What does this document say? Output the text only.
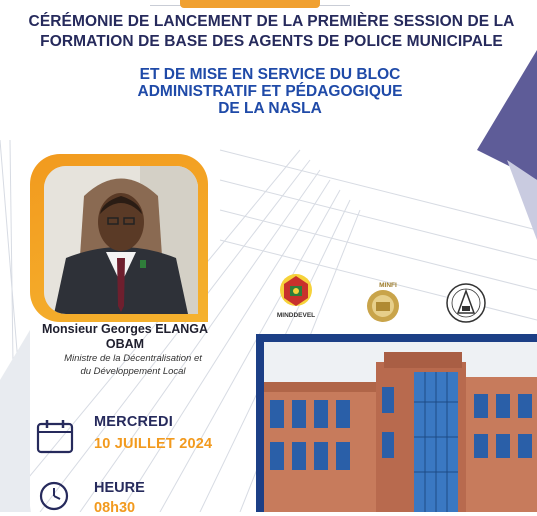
CÉRÉMONIE DE LANCEMENT DE LA PREMIÈRE SESSION DE LA
FORMATION DE BASE DES AGENTS DE POLICE MUNICIPALE
ET DE MISE EN SERVICE DU BLOC
ADMINISTRATIF ET PÉDAGOGIQUE
DE LA NASLA
Monsieur Georges ELANGA
OBAM
Ministre de la Décentralisation et
du Développement Local
MINDDEVEL
MINFI
MERCREDI
10 JUILLET 2024
HEURE
08h30
